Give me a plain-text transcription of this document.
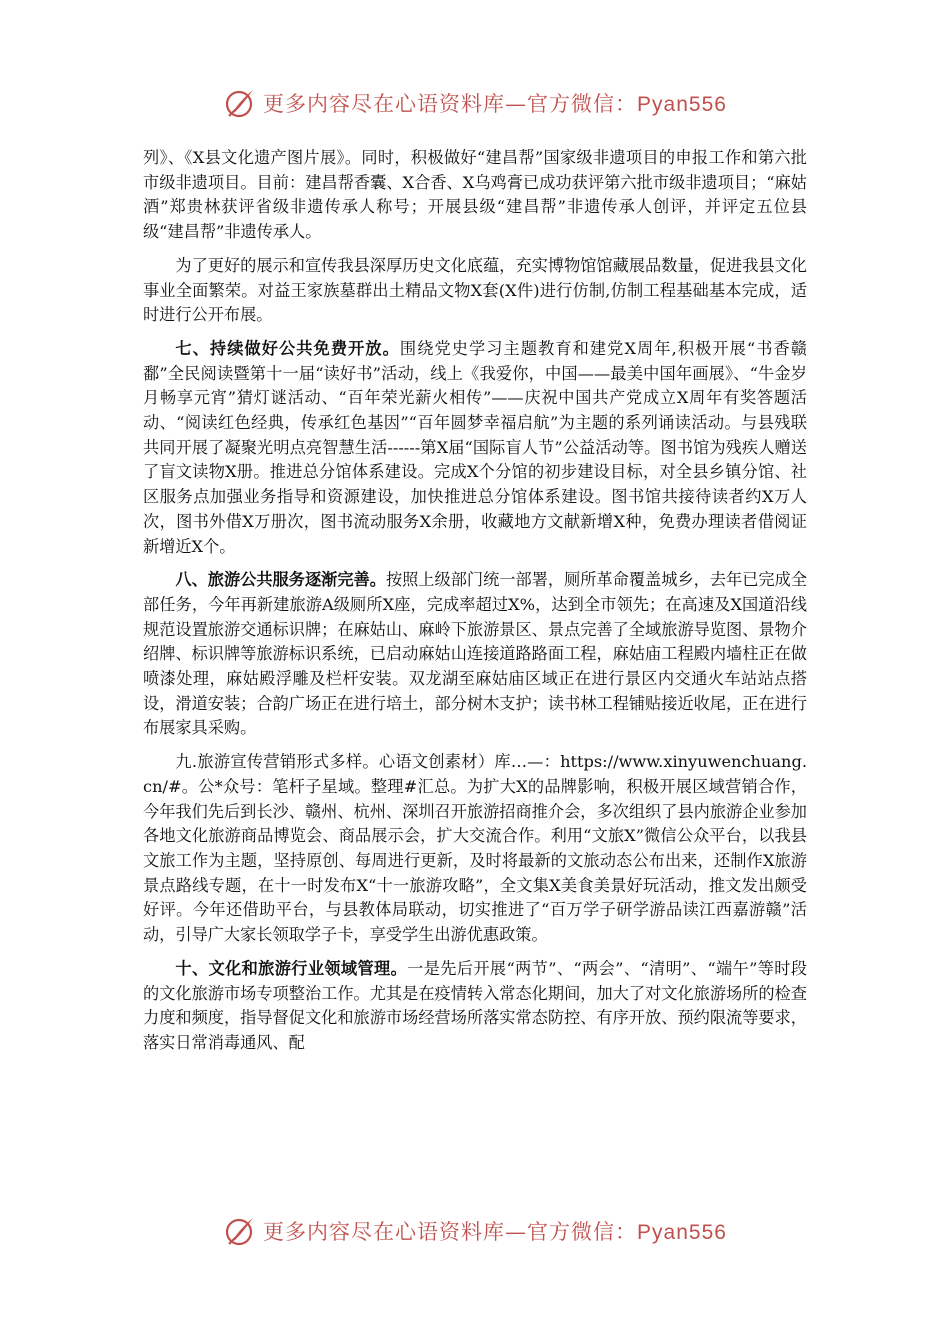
更多内容尽在心语资料库—官方微信：Pyan556

列》、《X县文化遗产图片展》。同时，积极做好“建昌帮”国家级非遗项目的申报工作和第六批市级非遗项目。目前：建昌帮香囊、X合香、X乌鸡膏已成功获评第六批市级非遗项目；“麻姑酒”郑贵林获评省级非遗传承人称号；开展县级“建昌帮”非遗传承人创评，并评定五位县级“建昌帮”非遗传承人。

为了更好的展示和宣传我县深厚历史文化底蕴，充实博物馆馆藏展品数量，促进我县文化事业全面繁荣。对益王家族墓群出土精品文物X套(X件)进行仿制,仿制工程基础基本完成，适时进行公开布展。

七、持续做好公共免费开放。围绕党史学习主题教育和建党X周年,积极开展“书香赣鄱”全民阅读暨第十一届“读好书”活动，线上《我爱你，中国——最美中国年画展》、“牛金岁月畅享元宵”猜灯谜活动、“百年荣光薪火相传”——庆祝中国共产党成立X周年有奖答题活动、“阅读红色经典，传承红色基因”“百年圆梦幸福启航”为主题的系列诵读活动。与县残联共同开展了凝聚光明点亮智慧生活------第X届“国际盲人节”公益活动等。图书馆为残疾人赠送了盲文读物X册。推进总分馆体系建设。完成X个分馆的初步建设目标，对全县乡镇分馆、社区服务点加强业务指导和资源建设，加快推进总分馆体系建设。图书馆共接待读者约X万人次，图书外借X万册次，图书流动服务X余册，收藏地方文献新增X种，免费办理读者借阅证新增近X个。

八、旅游公共服务逐渐完善。按照上级部门统一部署，厕所革命覆盖城乡，去年已完成全部任务，今年再新建旅游A级厕所X座，完成率超过X%，达到全市领先；在高速及X国道沿线规范设置旅游交通标识牌；在麻姑山、麻岭下旅游景区、景点完善了全域旅游导览图、景物介绍牌、标识牌等旅游标识系统，已启动麻姑山连接道路路面工程，麻姑庙工程殿内墙柱正在做喷漆处理，麻姑殿浮雕及栏杆安装。双龙湖至麻姑庙区域正在进行景区内交通火车站站点搭设，滑道安装；合韵广场正在进行培土，部分树木支护；读书林工程铺贴接近收尾，正在进行布展家具采购。

九.旅游宣传营销形式多样。心语文创素材）库…—：https://www.xinyuwenchuang.cn/#。公*众号：笔杆子星域。整理#汇总。为扩大X的品牌影响，积极开展区域营销合作，今年我们先后到长沙、赣州、杭州、深圳召开旅游招商推介会，多次组织了县内旅游企业参加各地文化旅游商品博览会、商品展示会，扩大交流合作。利用“文旅X”微信公众平台，以我县文旅工作为主题，坚持原创、每周进行更新，及时将最新的文旅动态公布出来，还制作X旅游景点路线专题，在十一时发布X“十一旅游攻略”，全文集X美食美景好玩活动，推文发出颇受好评。今年还借助平台，与县教体局联动，切实推进了“百万学子研学游品读江西嘉游赣”活动，引导广大家长领取学子卡，享受学生出游优惠政策。

十、文化和旅游行业领域管理。一是先后开展“两节”、“两会”、“清明”、“端午”等时段的文化旅游市场专项整治工作。尤其是在疫情转入常态化期间，加大了对文化旅游场所的检查力度和频度，指导督促文化和旅游市场经营场所落实常态防控、有序开放、预约限流等要求，落实日常消毒通风、配

更多内容尽在心语资料库—官方微信：Pyan556
